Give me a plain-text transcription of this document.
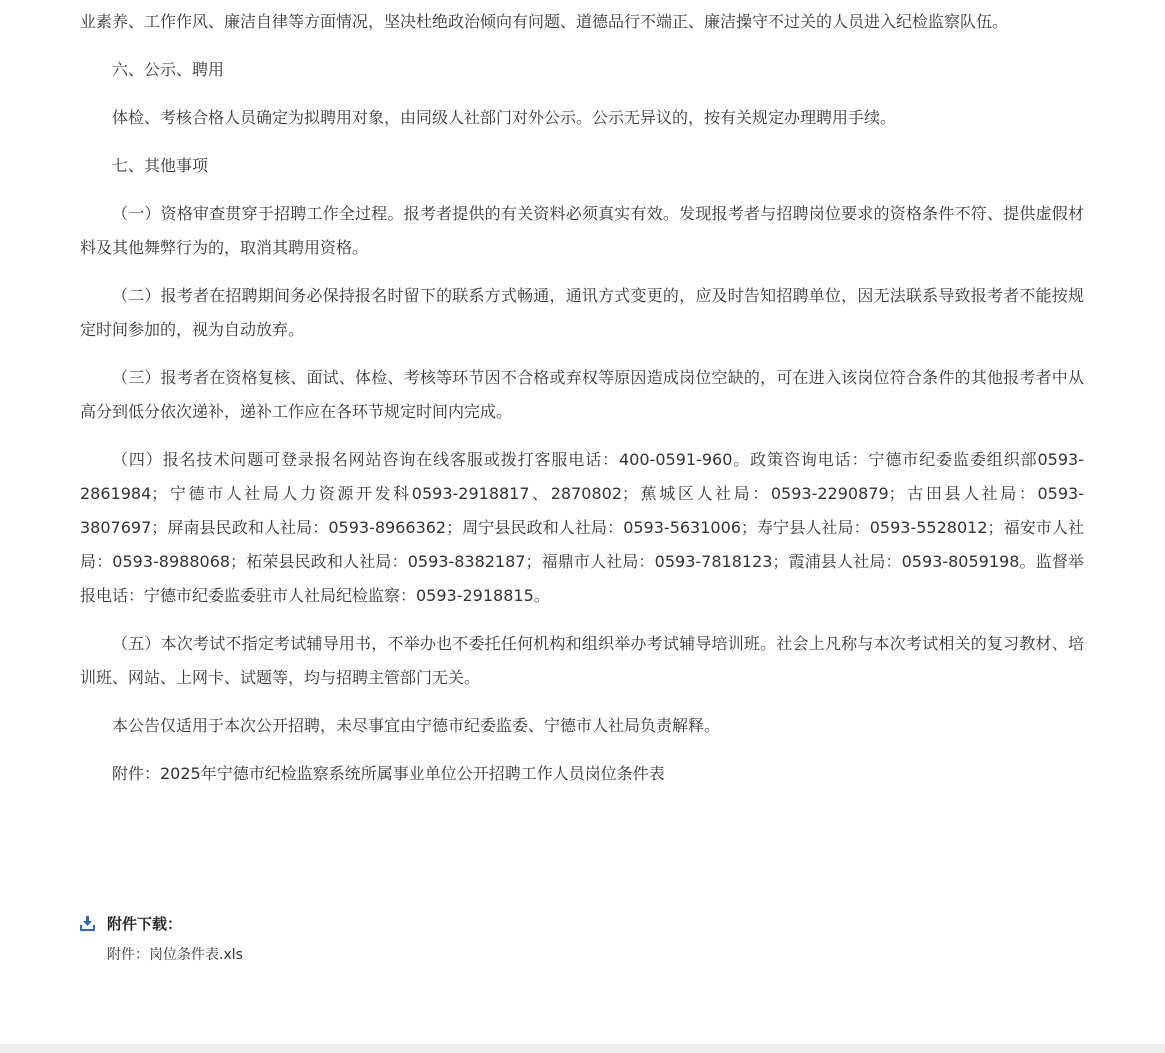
业素养、工作作风、廉洁自律等方面情况，坚决杜绝政治倾向有问题、道德品行不端正、廉洁操守不过关的人员进入纪检监察队伍。

六、公示、聘用

体检、考核合格人员确定为拟聘用对象，由同级人社部门对外公示。公示无异议的，按有关规定办理聘用手续。

七、其他事项

（一）资格审查贯穿于招聘工作全过程。报考者提供的有关资料必须真实有效。发现报考者与招聘岗位要求的资格条件不符、提供虚假材料及其他舞弊行为的，取消其聘用资格。

（二）报考者在招聘期间务必保持报名时留下的联系方式畅通，通讯方式变更的，应及时告知招聘单位，因无法联系导致报考者不能按规定时间参加的，视为自动放弃。

（三）报考者在资格复核、面试、体检、考核等环节因不合格或弃权等原因造成岗位空缺的，可在进入该岗位符合条件的其他报考者中从高分到低分依次递补，递补工作应在各环节规定时间内完成。

（四）报名技术问题可登录报名网站咨询在线客服或拨打客服电话：400-0591-960。政策咨询电话：宁德市纪委监委组织部0593-2861984；宁德市人社局人力资源开发科0593-2918817、2870802；蕉城区人社局：0593-2290879；古田县人社局：0593-3807697；屏南县民政和人社局：0593-8966362；周宁县民政和人社局：0593-5631006；寿宁县人社局：0593-5528012；福安市人社局：0593-8988068；柘荣县民政和人社局：0593-8382187；福鼎市人社局：0593-7818123；霞浦县人社局：0593-8059198。监督举报电话：宁德市纪委监委驻市人社局纪检监察：0593-2918815。

（五）本次考试不指定考试辅导用书，不举办也不委托任何机构和组织举办考试辅导培训班。社会上凡称与本次考试相关的复习教材、培训班、网站、上网卡、试题等，均与招聘主管部门无关。

本公告仅适用于本次公开招聘，未尽事宜由宁德市纪委监委、宁德市人社局负责解释。

附件：2025年宁德市纪检监察系统所属事业单位公开招聘工作人员岗位条件表

附件下载：
附件：岗位条件表.xls
